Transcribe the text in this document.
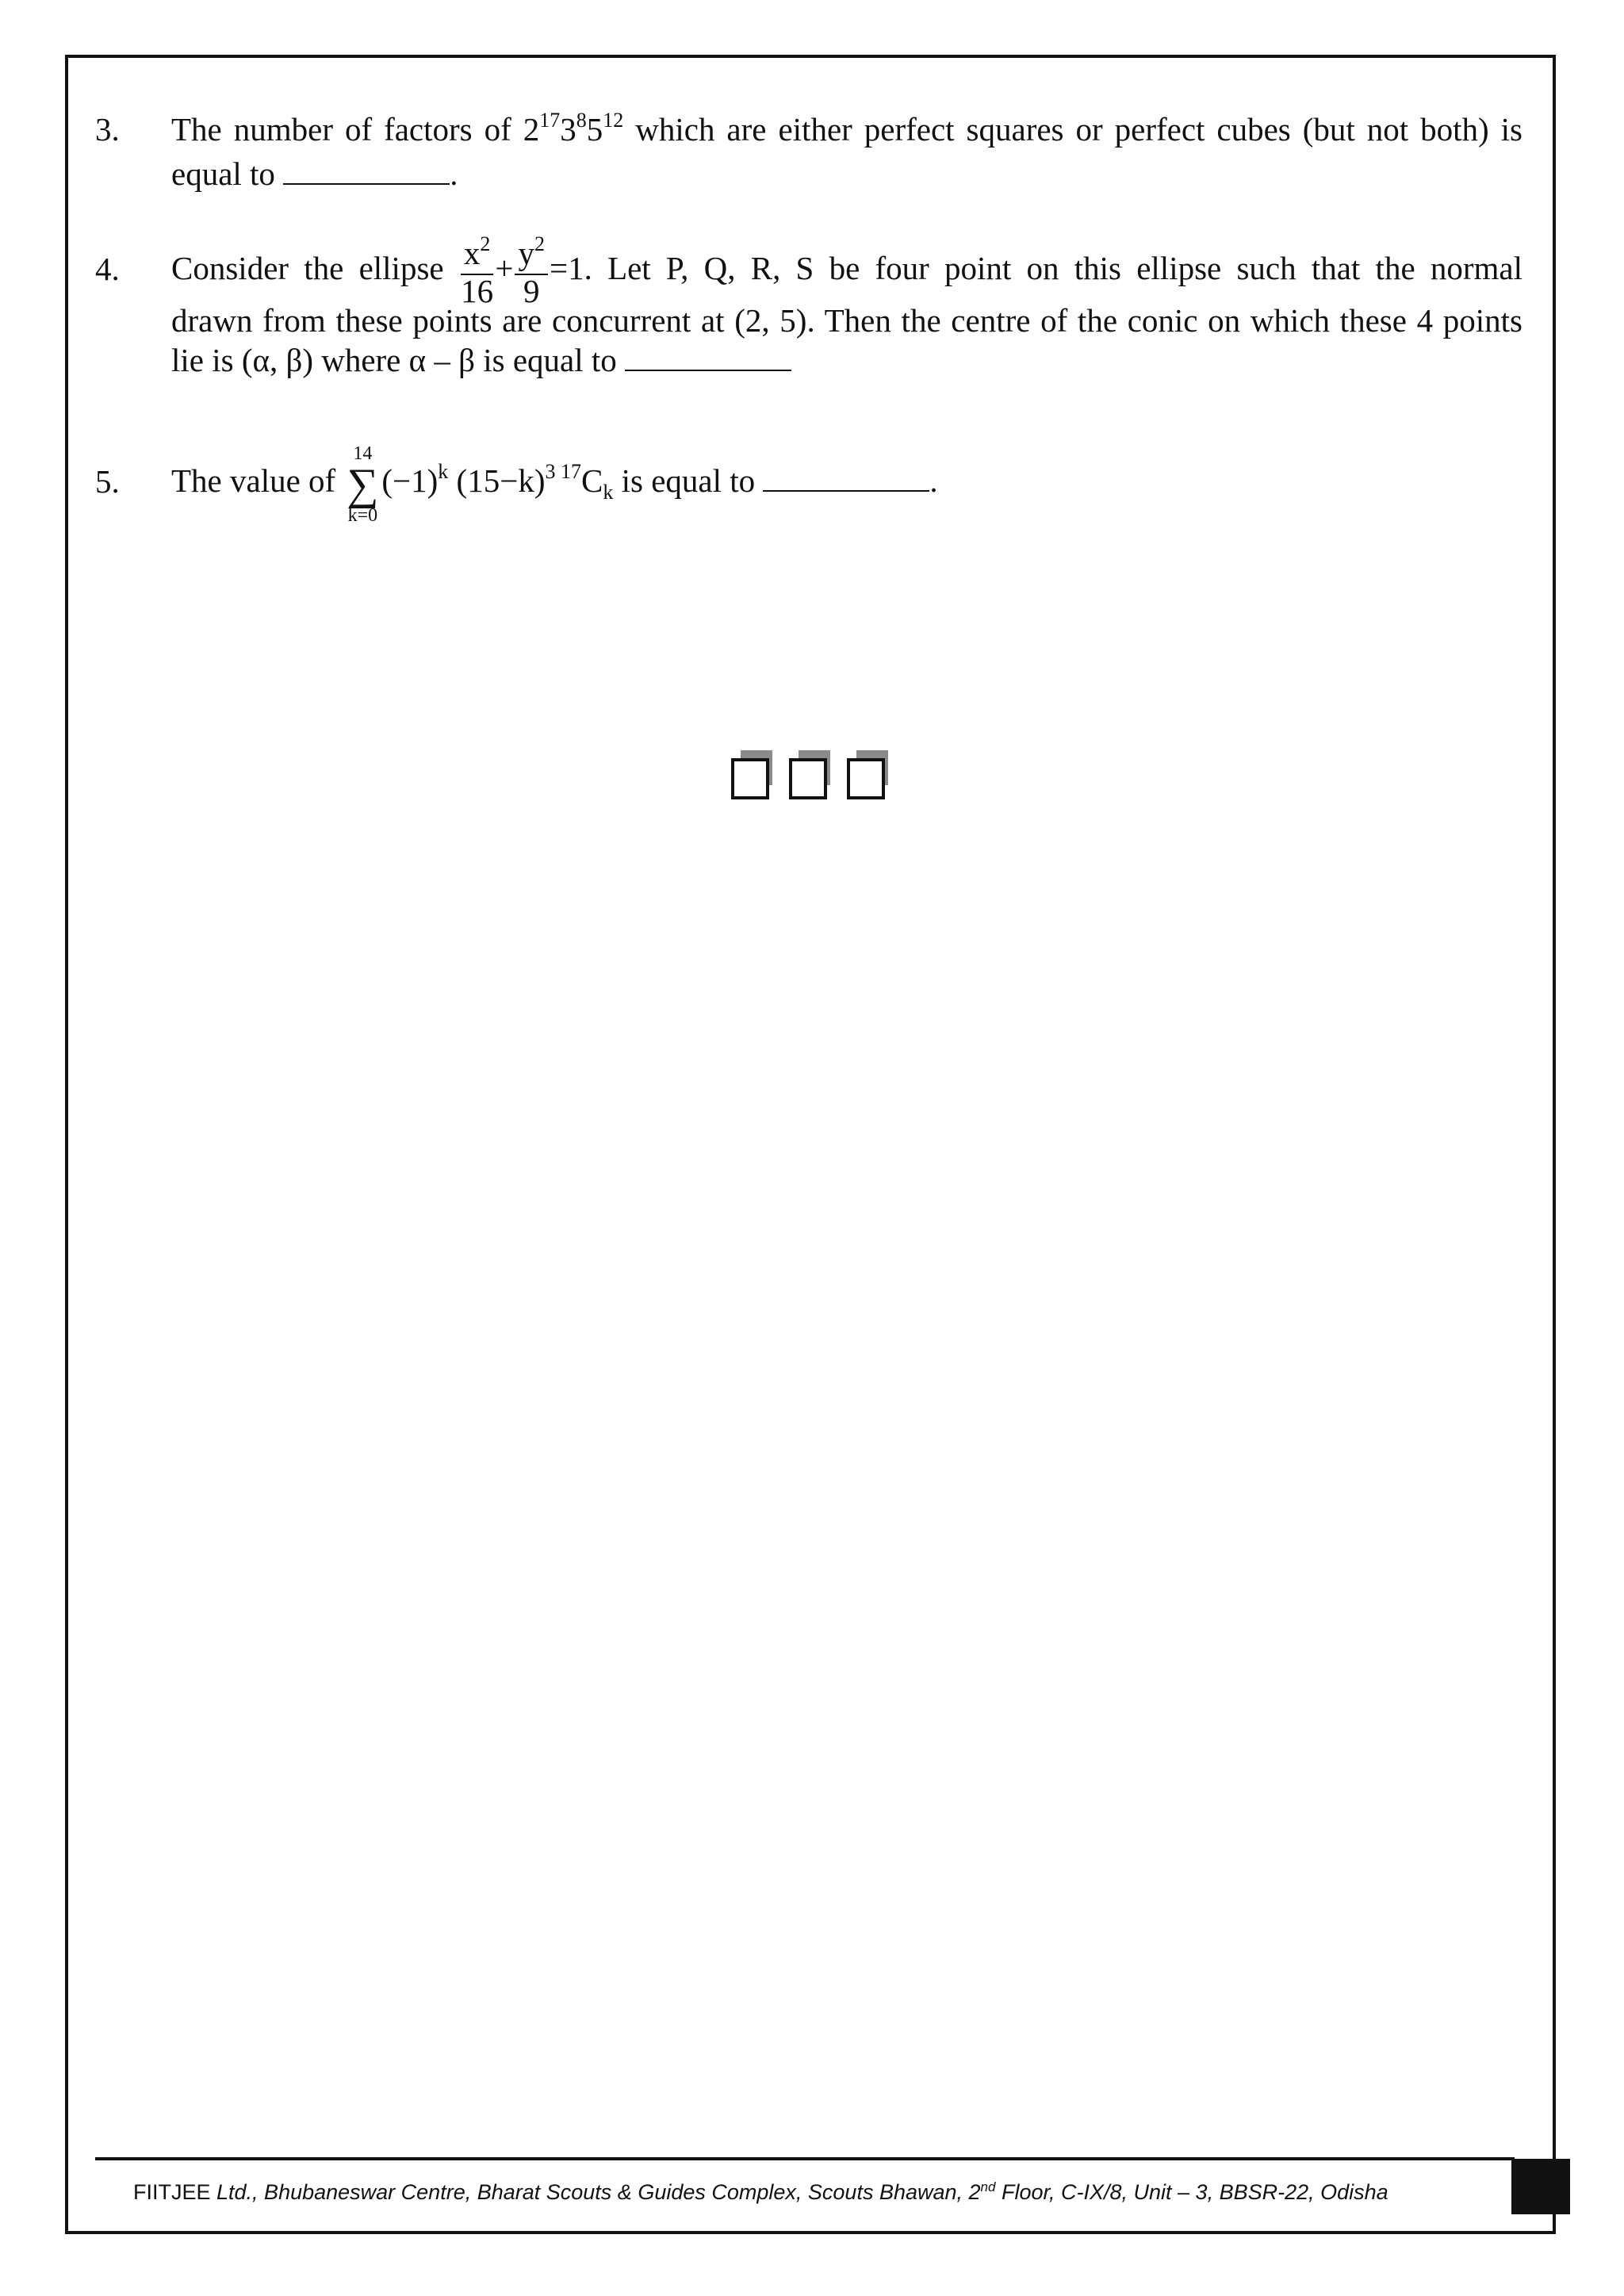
3.	The number of factors of $2^{17}3^85^{12}$ which are either perfect squares or perfect cubes (but not both) is
equal to	.
4.	Consider the ellipse $\frac{x^2}{16} + \frac{y^2}{9} =1$. Let P, Q, R, S be four point on this ellipse such that the normal
drawn from these points are concurrent at (2, 5). Then the centre of the conic on which these 4 points
lie is (α, β) where α – β is equal to
5.	The value of
14
∑
k=0
$(-1)^k$ $(15-k)^3$ $^{17}C_k$ is equal to	.
FIITJEE Ltd., Bhubaneswar Centre, Bharat Scouts & Guides Complex, Scouts Bhawan, 2nd Floor, C-IX/8, Unit – 3, BBSR-22, Odisha
